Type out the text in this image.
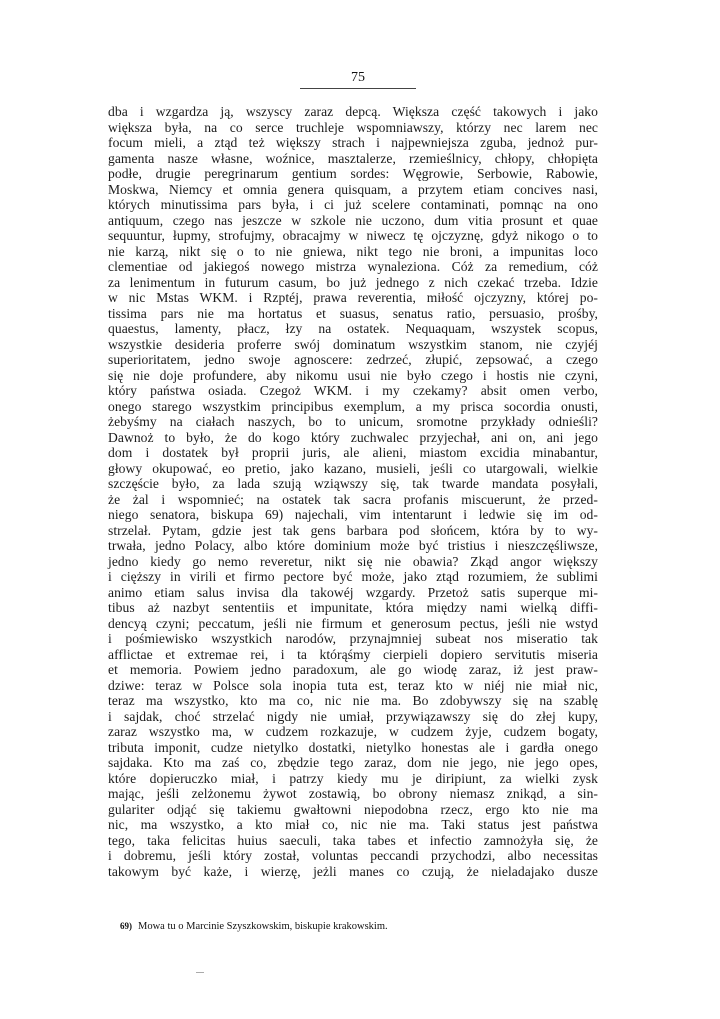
75
dba i wzgardza ją, wszyscy zaraz depcą. Większa część takowych i jako
większa była, na co serce truchleje wspomniawszy, którzy nec larem nec
focum mieli, a ztąd też większy strach i najpewniejsza zguba, jednoż pur-
gamenta nasze własne, woźnice, masztalerze, rzemieślnicy, chłopy, chłopięta
podłe, drugie peregrinarum gentium sordes: Węgrowie, Serbowie, Rabowie,
Moskwa, Niemcy et omnia genera quisquam, a przytem etiam concives nasi,
których minutissima pars była, i ci już scelere contaminati, pomnąc na ono
antiquum, czego nas jeszcze w szkole nie uczono, dum vitia prosunt et quae
sequuntur, łupmy, strofujmy, obracajmy w niwecz tę ojczyznę, gdyż nikogo o to
nie karzą, nikt się o to nie gniewa, nikt tego nie broni, a impunitas loco
clementiae od jakiegoś nowego mistrza wynaleziona. Cóż za remedium, cóż
za lenimentum in futurum casum, bo już jednego z nich czekać trzeba. Idzie
w nic Mstas WKM. i Rzptéj, prawa reverentia, miłość ojczyzny, której po-
tissima pars nie ma hortatus et suasus, senatus ratio, persuasio, prośby,
quaestus, lamenty, płacz, łzy na ostatek. Nequaquam, wszystek scopus,
wszystkie desideria proferre swój dominatum wszystkim stanom, nie czyjéj
superioritatem, jedno swoje agnoscere: zedrzeć, złupić, zepsować, a czego
się nie doje profundere, aby nikomu usui nie było czego i hostis nie czyni,
który państwa osiada. Czegoż WKM. i my czekamy? absit omen verbo,
onego starego wszystkim principibus exemplum, a my prisca socordia onusti,
żebyśmy na ciałach naszych, bo to unicum, sromotne przykłady odnieśli?
Dawnoż to było, że do kogo który zuchwalec przyjechał, ani on, ani jego
dom i dostatek był proprii juris, ale alieni, miastom excidia minabantur,
głowy okupować, eo pretio, jako kazano, musieli, jeśli co utargowali, wielkie
szczęście było, za lada szują wziąwszy się, tak twarde mandata posyłali,
że żal i wspomnieć; na ostatek tak sacra profanis miscuerunt, że przed-
niego senatora, biskupa 69) najechali, vim intentarunt i ledwie się im od-
strzelał. Pytam, gdzie jest tak gens barbara pod słońcem, która by to wy-
trwała, jedno Polacy, albo które dominium może być tristius i nieszczęśliwsze,
jedno kiedy go nemo reveretur, nikt się nie obawia? Zkąd angor większy
i cięższy in virili et firmo pectore być może, jako ztąd rozumiem, że sublimi
animo etiam salus invisa dla takowéj wzgardy. Przetoż satis superque mi-
tibus aż nazbyt sententiis et impunitate, która między nami wielką diffi-
dencyą czyni; peccatum, jeśli nie firmum et generosum pectus, jeśli nie wstyd
i pośmiewisko wszystkich narodów, przynajmniej subeat nos miseratio tak
afflictae et extremae rei, i ta którąśmy cierpieli dopiero servitutis miseria
et memoria. Powiem jedno paradoxum, ale go wiodę zaraz, iż jest praw-
dziwe: teraz w Polsce sola inopia tuta est, teraz kto w niéj nie miał nic,
teraz ma wszystko, kto ma co, nic nie ma. Bo zdobywszy się na szablę
i sajdak, choć strzelać nigdy nie umiał, przywiązawszy się do złej kupy,
zaraz wszystko ma, w cudzem rozkazuje, w cudzem żyje, cudzem bogaty,
tributa imponit, cudze nietylko dostatki, nietylko honestas ale i gardła onego
sajdaka. Kto ma zaś co, zbędzie tego zaraz, dom nie jego, nie jego opes,
które dopieruczko miał, i patrzy kiedy mu je diripiunt, za wielki zysk
mając, jeśli zelżonemu żywot zostawią, bo obrony niemasz znikąd, a sin-
gulariter odjąć się takiemu gwałtowni niepodobna rzecz, ergo kto nie ma
nic, ma wszystko, a kto miał co, nic nie ma. Taki status jest państwa
tego, taka felicitas huius saeculi, taka tabes et infectio zamnożyła się, że
i dobremu, jeśli który został, voluntas peccandi przychodzi, albo necessitas
takowym być każe, i wierzę, jeżli manes co czują, że nieladajako dusze
69) Mowa tu o Marcinie Szyszkowskim, biskupie krakowskim.
